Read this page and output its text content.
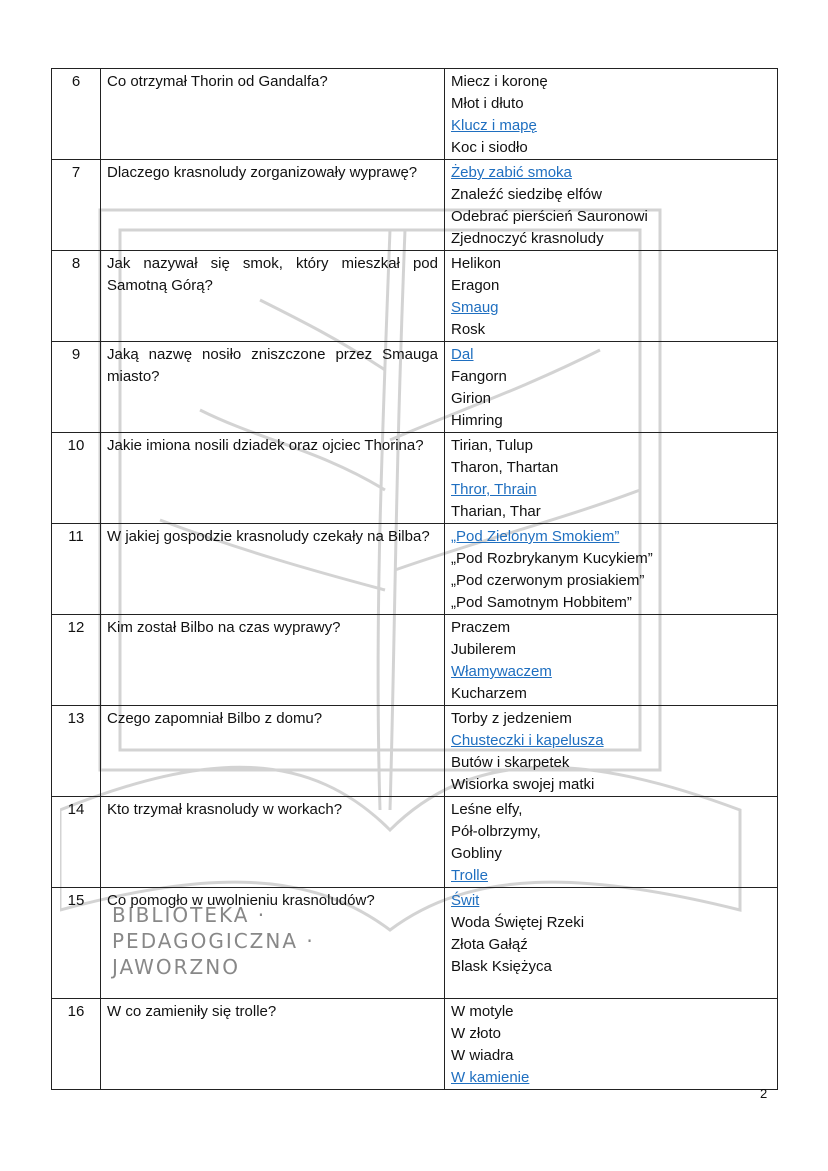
BIBLIOTEKA · PEDAGOGICZNA · JAWORZNO
6	Co otrzymał Thorin od Gandalfa?	Miecz i koronę
Młot i dłuto
Klucz i mapę
Koc i siodło

7	Dlaczego krasnoludy zorganizowały wyprawę?	Żeby zabić smoka
Znaleźć siedzibę elfów
Odebrać pierścień Sauronowi
Zjednoczyć krasnoludy

8	Jak nazywał się smok, który mieszkał pod Samotną Górą?	Helikon
Eragon
Smaug
Rosk

9	Jaką nazwę nosiło zniszczone przez Smauga miasto?	Dal
Fangorn
Girion
Himring

10	Jakie imiona nosili dziadek oraz ojciec Thorina?	Tirian, Tulup
Tharon, Thartan
Thror, Thrain
Tharian, Thar

11	W jakiej gospodzie krasnoludy czekały na Bilba?	„Pod Zielonym Smokiem”
„Pod Rozbrykanym Kucykiem”
„Pod czerwonym prosiakiem”
„Pod Samotnym Hobbitem”

12	Kim został Bilbo na czas wyprawy?	Praczem
Jubilerem
Włamywaczem
Kucharzem

13	Czego zapomniał Bilbo z domu?	Torby z jedzeniem
Chusteczki i kapelusza
Butów i skarpetek
Wisiorka swojej matki

14	Kto trzymał krasnoludy w workach?	Leśne elfy,
Pół-olbrzymy,
Gobliny
Trolle

15	Co pomogło w uwolnieniu krasnoludów?	Świt
Woda Świętej Rzeki
Złota Gałąź
Blask Księżyca

16	W co zamieniły się trolle?	W motyle
W złoto
W wiadra
W kamienie
2
